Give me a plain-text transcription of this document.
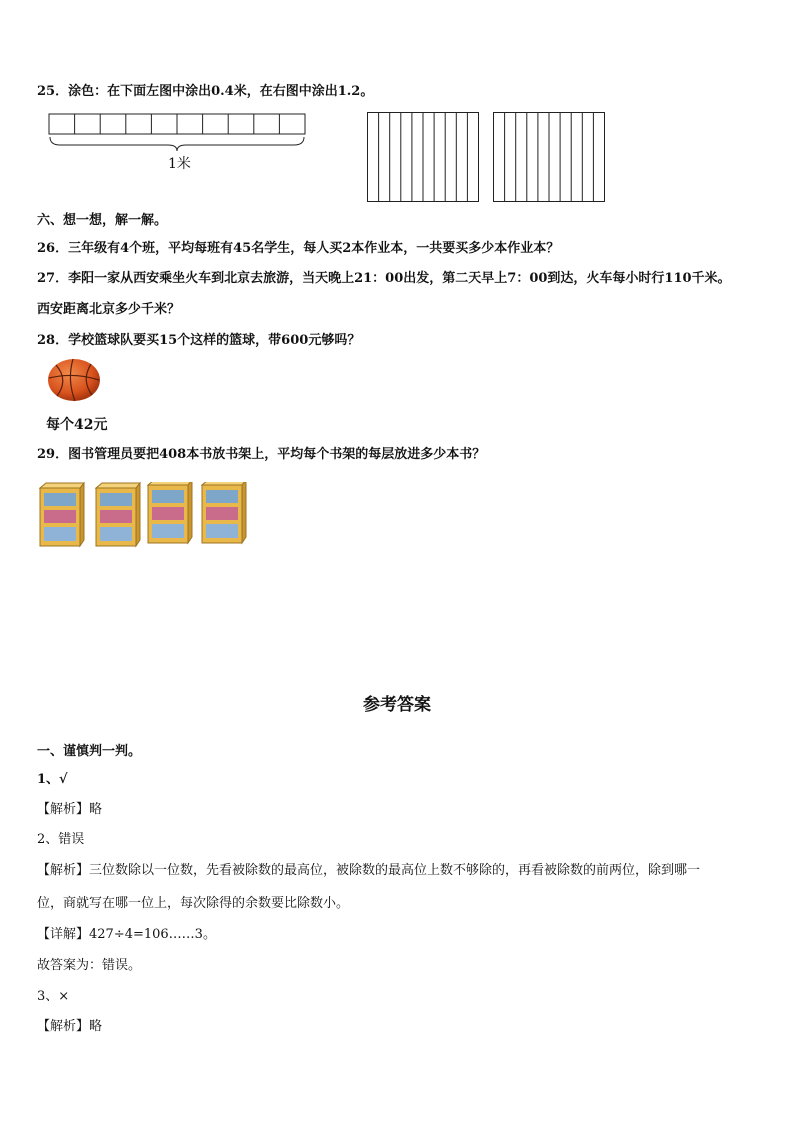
25．涂色：在下面左图中涂出0.4米，在右图中涂出1.2。
1米
六、想一想，解一解。
26．三年级有4个班，平均每班有45名学生，每人买2本作业本，一共要买多少本作业本？
27．李阳一家从西安乘坐火车到北京去旅游，当天晚上21：00出发，第二天早上7：00到达，火车每小时行110千米。
西安距离北京多少千米？
28．学校篮球队要买15个这样的篮球，带600元够吗？
每个42元
29．图书管理员要把408本书放书架上，平均每个书架的每层放进多少本书？
参考答案
一、谨慎判一判。
1、√
【解析】略
2、错误
【解析】三位数除以一位数，先看被除数的最高位，被除数的最高位上数不够除的，再看被除数的前两位，除到哪一
位，商就写在哪一位上，每次除得的余数要比除数小。
【详解】427÷4=106……3。
故答案为：错误。
3、×
【解析】略
